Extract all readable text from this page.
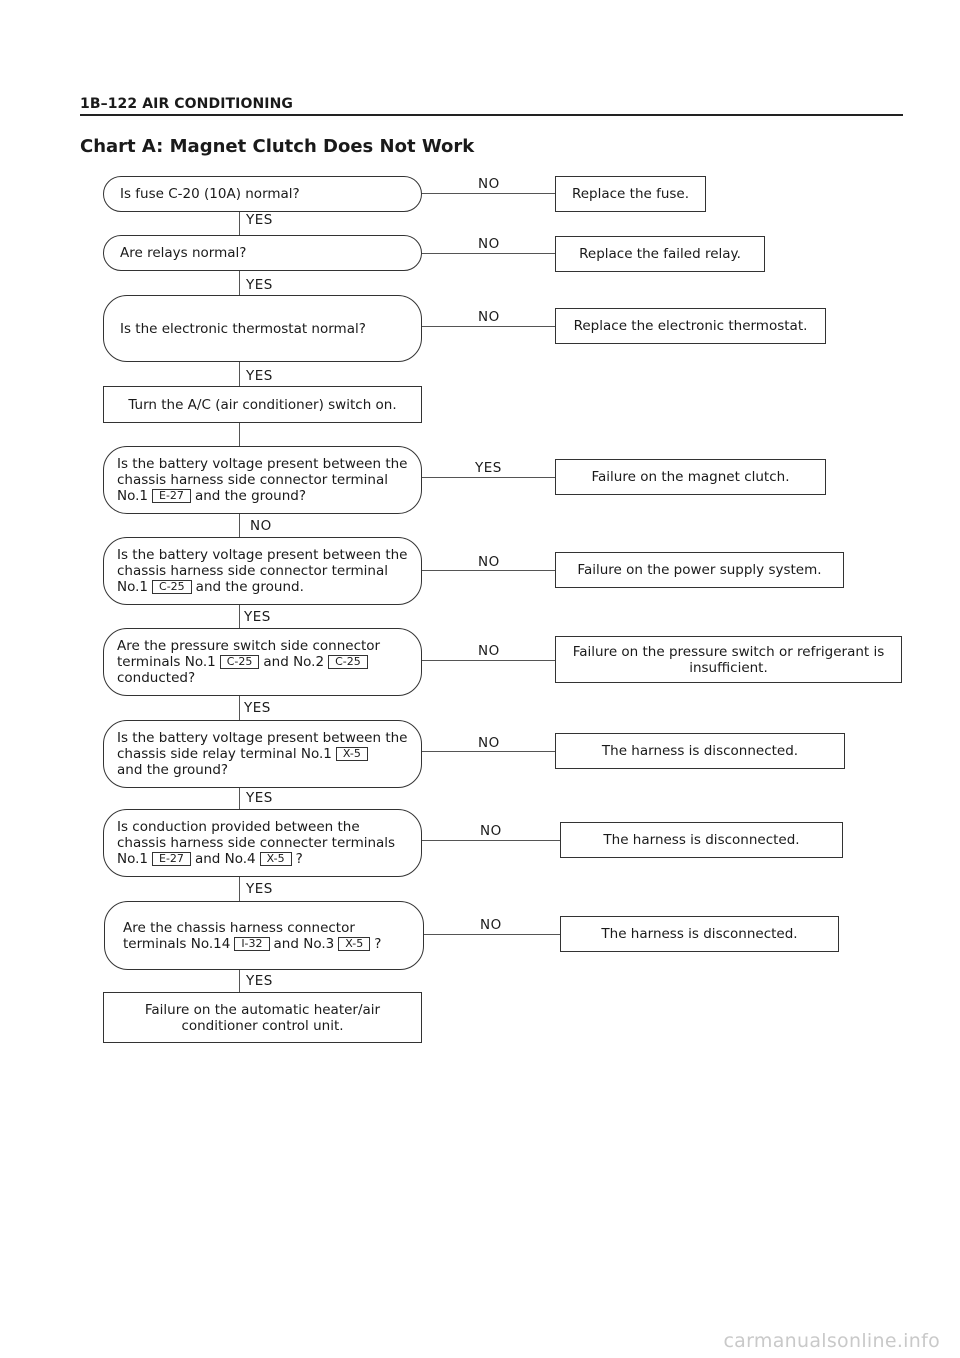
1B–122 AIR CONDITIONING
Chart A: Magnet Clutch Does Not Work
NO
YES
NO
YES
NO
YES
YES
NO
NO
YES
NO
YES
NO
YES
NO
YES
NO
YES
Is fuse C-20 (10A) normal?	Replace the fuse.
Are relays normal?	Replace the failed relay.
Is the electronic thermostat normal?	Replace the electronic thermostat.
Turn the A/C (air conditioner) switch on.
Is the battery voltage present between the
chassis harness side connector terminal
No.1 E-27 and the ground?
Failure on the magnet clutch.
Is the battery voltage present between the
chassis harness side connector terminal
No.1 C-25 and the ground.
Failure on the power supply system.
Are the pressure switch side connector
terminals No.1 C-25 and No.2 C-25
conducted?
Failure on the pressure switch or refrigerant is insufficient.
Is the battery voltage present between the
chassis side relay terminal No.1 X-5
and the ground?
The harness is disconnected.
Is conduction provided between the
chassis harness side connecter terminals
No.1 E-27 and No.4 X-5 ?
The harness is disconnected.
Are the chassis harness connector
terminals No.14 I-32 and No.3 X-5 ?
The harness is disconnected.
Failure on the automatic heater/air conditioner control unit.
carmanualsonline.info
